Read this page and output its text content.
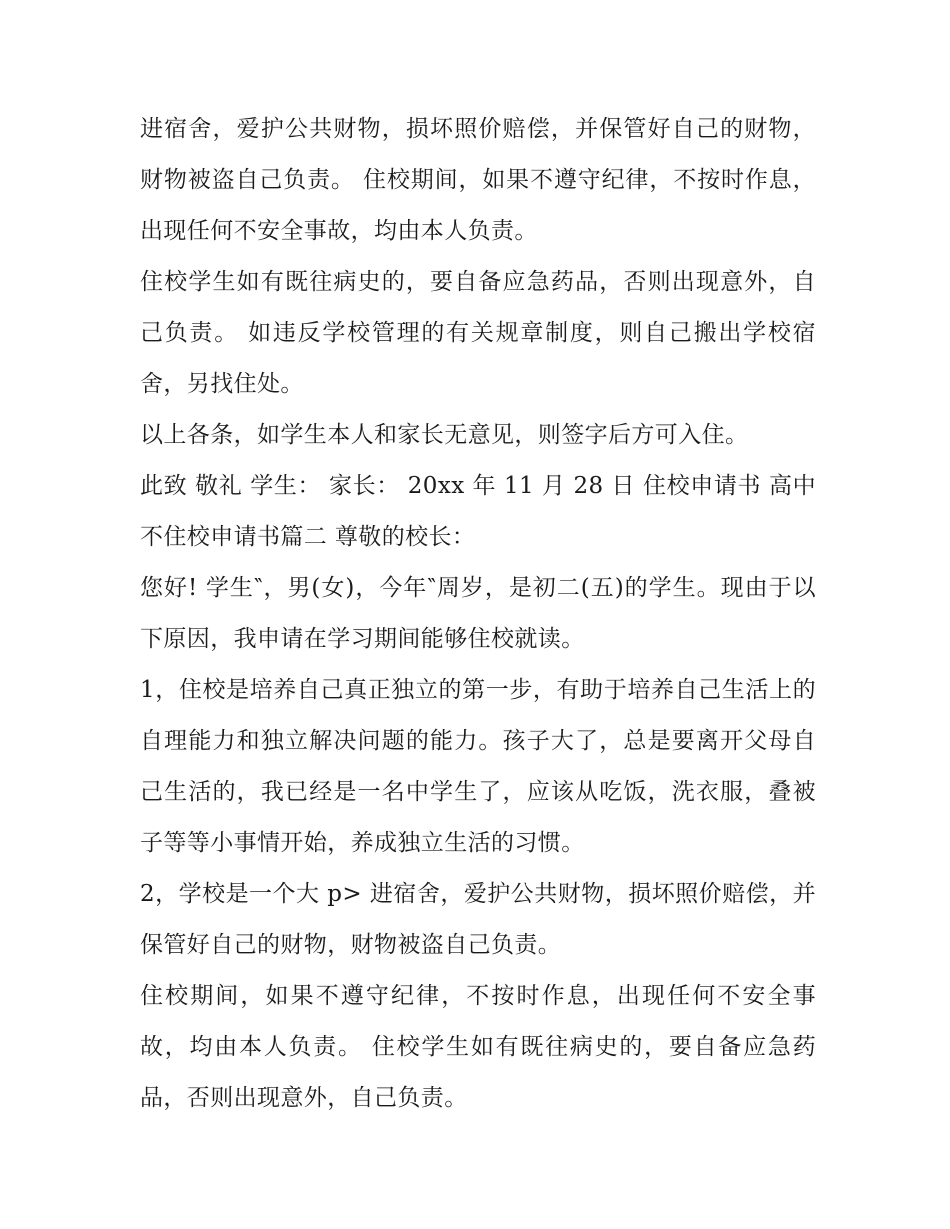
进宿舍，爱护公共财物，损坏照价赔偿，并保管好自己的财物，财物被盗自己负责。 住校期间，如果不遵守纪律，不按时作息，出现任何不安全事故，均由本人负责。

住校学生如有既往病史的，要自备应急药品，否则出现意外，自己负责。 如违反学校管理的有关规章制度，则自己搬出学校宿舍，另找住处。

以上各条，如学生本人和家长无意见，则签字后方可入住。

此致 敬礼 学生： 家长： 20xx 年 11 月 28 日 住校申请书 高中不住校申请书篇二 尊敬的校长：

您好! 学生‶，男(女)，今年‶周岁，是初二(五)的学生。现由于以下原因，我申请在学习期间能够住校就读。

1，住校是培养自己真正独立的第一步，有助于培养自己生活上的自理能力和独立解决问题的能力。孩子大了，总是要离开父母自己生活的，我已经是一名中学生了，应该从吃饭，洗衣服，叠被子等等小事情开始，养成独立生活的习惯。

2，学校是一个大 p> 进宿舍，爱护公共财物，损坏照价赔偿，并保管好自己的财物，财物被盗自己负责。

住校期间，如果不遵守纪律，不按时作息，出现任何不安全事故，均由本人负责。 住校学生如有既往病史的，要自备应急药品，否则出现意外，自己负责。
